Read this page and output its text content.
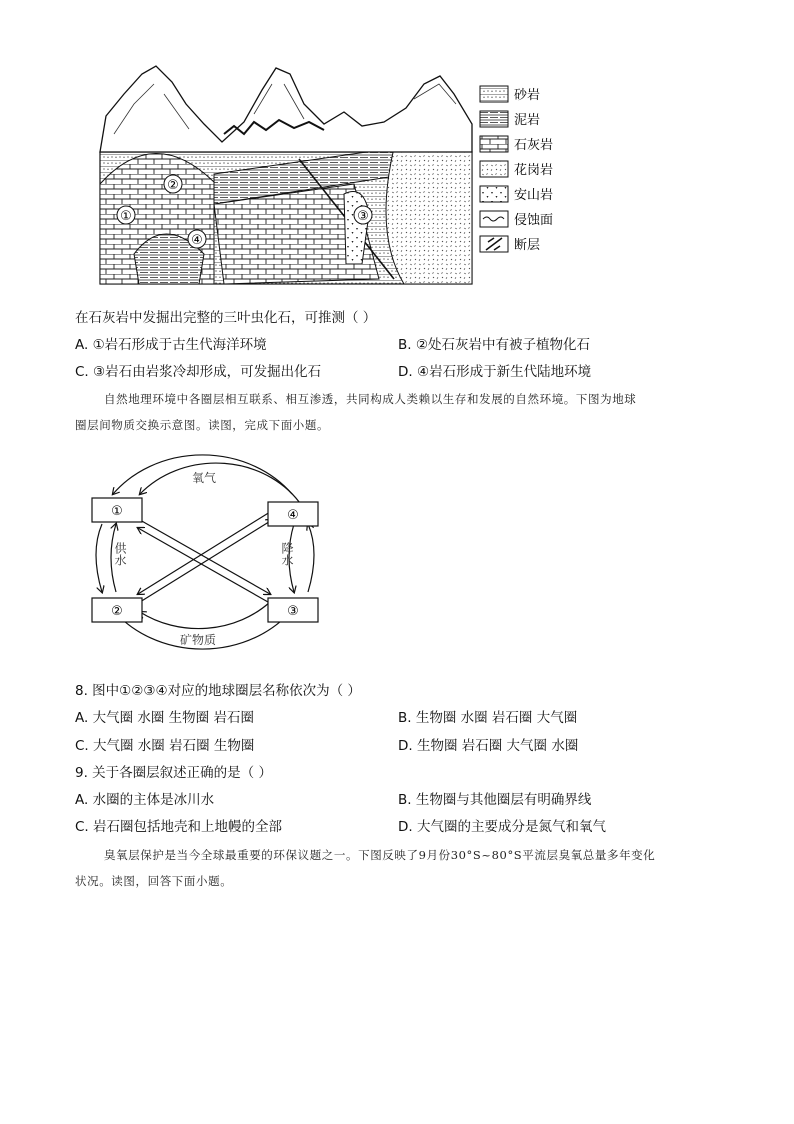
①
②
③
④
砂岩
泥岩
石灰岩
花岗岩
安山岩
侵蚀面
断层
在石灰岩中发掘出完整的三叶虫化石，可推测（ ）
A. ①岩石形成于古生代海洋环境	B. ②处石灰岩中有被子植物化石
C. ③岩石由岩浆冷却形成，可发掘出化石	D. ④岩石形成于新生代陆地环境
自然地理环境中各圈层相互联系、相互渗透，共同构成人类赖以生存和发展的自然环境。下图为地球
圈层间物质交换示意图。读图，完成下面小题。
①	④
②	③
氧气
矿物质
供水	降水
8. 图中①②③④对应的地球圈层名称依次为（ ）
A. 大气圈 水圈 生物圈 岩石圈	B. 生物圈 水圈 岩石圈 大气圈
C. 大气圈 水圈 岩石圈 生物圈	D. 生物圈 岩石圈 大气圈 水圈
9. 关于各圈层叙述正确的是（ ）
A. 水圈的主体是冰川水	B. 生物圈与其他圈层有明确界线
C. 岩石圈包括地壳和上地幔的全部	D. 大气圈的主要成分是氮气和氧气
臭氧层保护是当今全球最重要的环保议题之一。下图反映了9月份30°S~80°S平流层臭氧总量多年变化
状况。读图，回答下面小题。
